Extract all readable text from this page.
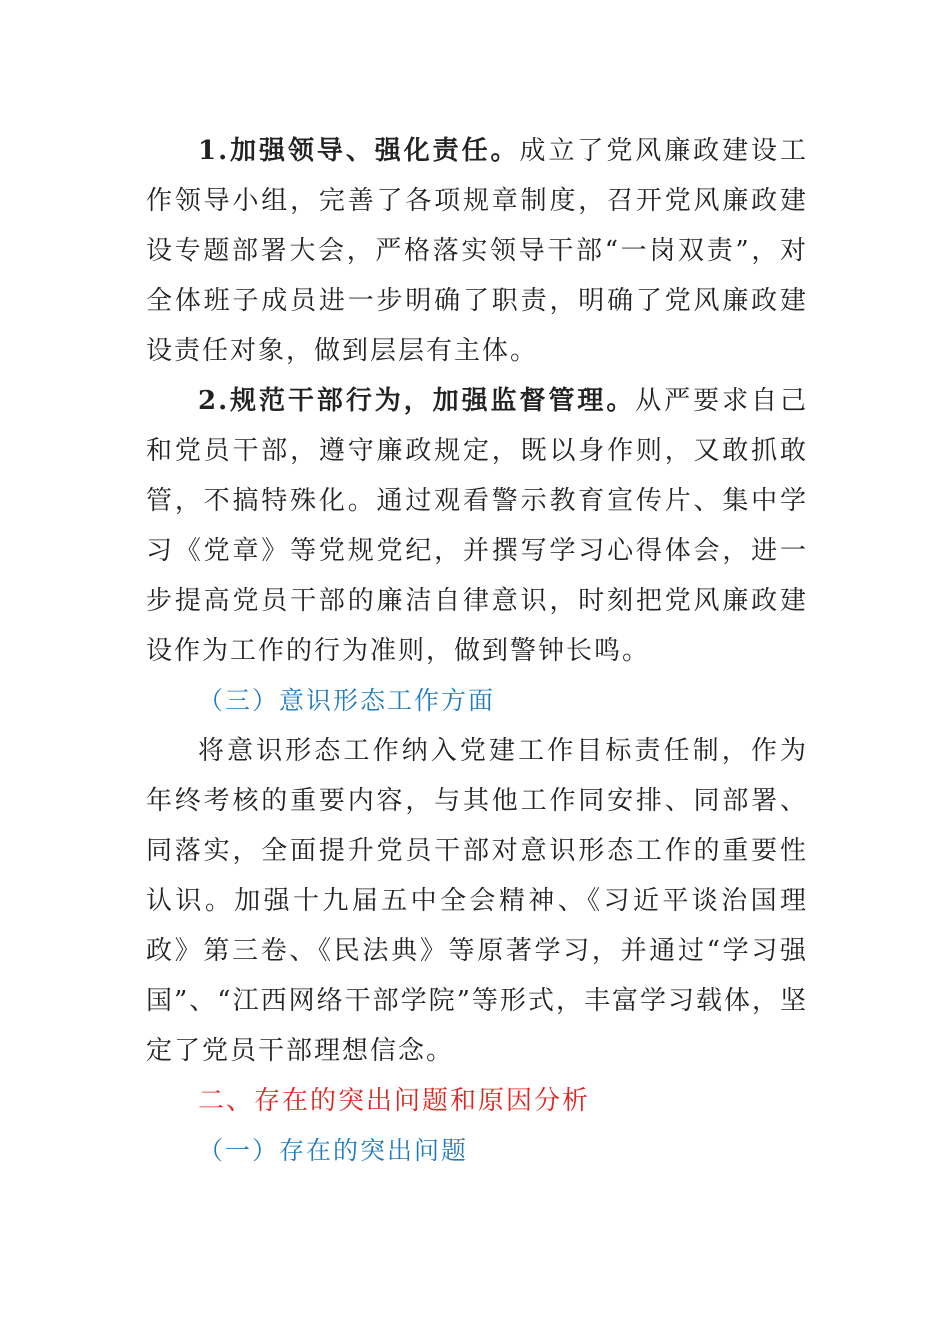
1.加强领导、强化责任。成立了党风廉政建设工作领导小组，完善了各项规章制度，召开党风廉政建设专题部署大会，严格落实领导干部“一岗双责”，对全体班子成员进一步明确了职责，明确了党风廉政建设责任对象，做到层层有主体。

2.规范干部行为，加强监督管理。从严要求自己和党员干部，遵守廉政规定，既以身作则，又敢抓敢管，不搞特殊化。通过观看警示教育宣传片、集中学习《党章》等党规党纪，并撰写学习心得体会，进一步提高党员干部的廉洁自律意识，时刻把党风廉政建设作为工作的行为准则，做到警钟长鸣。

（三）意识形态工作方面

将意识形态工作纳入党建工作目标责任制，作为年终考核的重要内容，与其他工作同安排、同部署、同落实，全面提升党员干部对意识形态工作的重要性认识。加强十九届五中全会精神、《习近平谈治国理政》第三卷、《民法典》等原著学习，并通过“学习强国”、“江西网络干部学院”等形式，丰富学习载体，坚定了党员干部理想信念。

二、存在的突出问题和原因分析

（一）存在的突出问题
